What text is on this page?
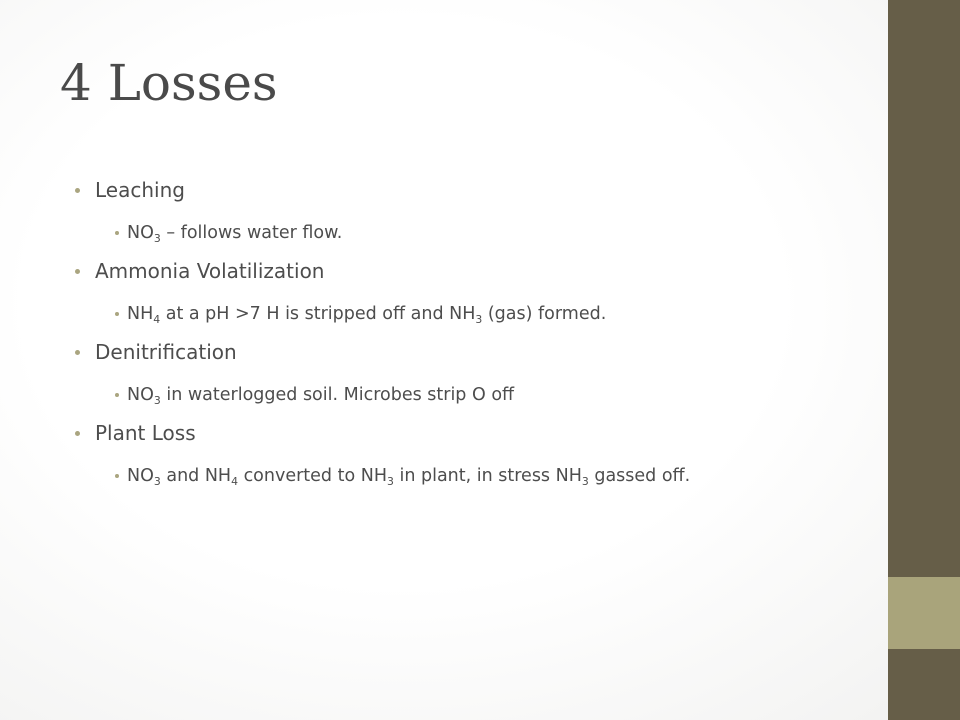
4 Losses
Leaching
$NO_3$ – follows water flow.
Ammonia Volatilization
$NH_4$ at a pH >7 H is stripped off and $NH_3$ (gas) formed.
Denitrification
$NO_3$ in waterlogged soil. Microbes strip O off
Plant Loss
$NO_3$ and $NH_4$ converted to $NH_3$ in plant, in stress $NH_3$ gassed off.
